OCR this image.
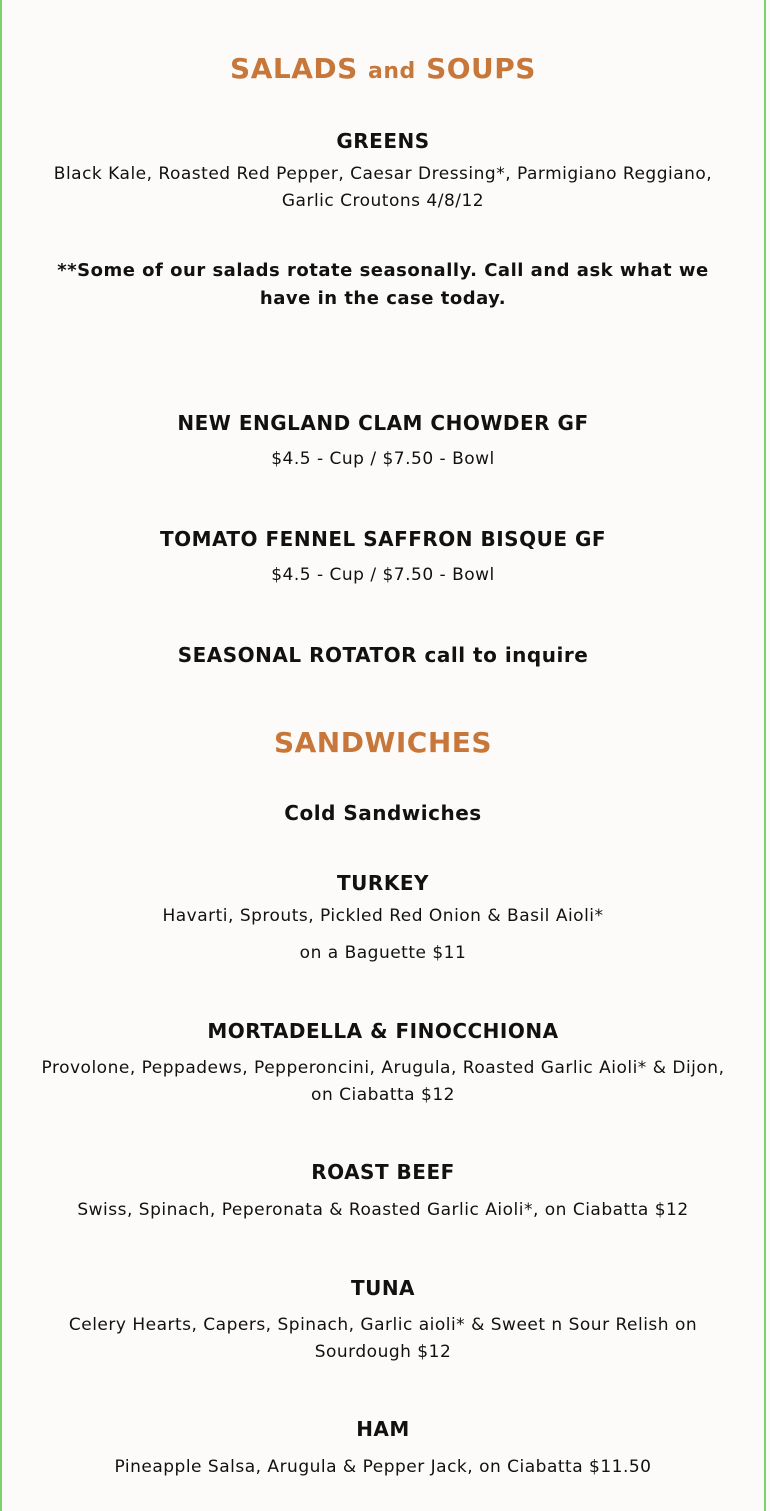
SALADS and SOUPS
GREENS
Black Kale, Roasted Red Pepper, Caesar Dressing*, Parmigiano Reggiano, Garlic Croutons 4/8/12
**Some of our salads rotate seasonally. Call and ask what we have in the case today.
NEW ENGLAND CLAM CHOWDER GF
$4.5 - Cup / $7.50 - Bowl
TOMATO FENNEL SAFFRON BISQUE GF
$4.5 - Cup / $7.50 - Bowl
SEASONAL ROTATOR call to inquire
SANDWICHES
Cold Sandwiches
TURKEY
Havarti, Sprouts, Pickled Red Onion & Basil Aioli*
on a Baguette $11
MORTADELLA & FINOCCHIONA
Provolone, Peppadews, Pepperoncini, Arugula, Roasted Garlic Aioli* & Dijon, on Ciabatta $12
ROAST BEEF
Swiss, Spinach, Peperonata & Roasted Garlic Aioli*, on Ciabatta $12
TUNA
Celery Hearts, Capers, Spinach, Garlic aioli* & Sweet n Sour Relish on Sourdough $12
HAM
Pineapple Salsa, Arugula & Pepper Jack, on Ciabatta $11.50
